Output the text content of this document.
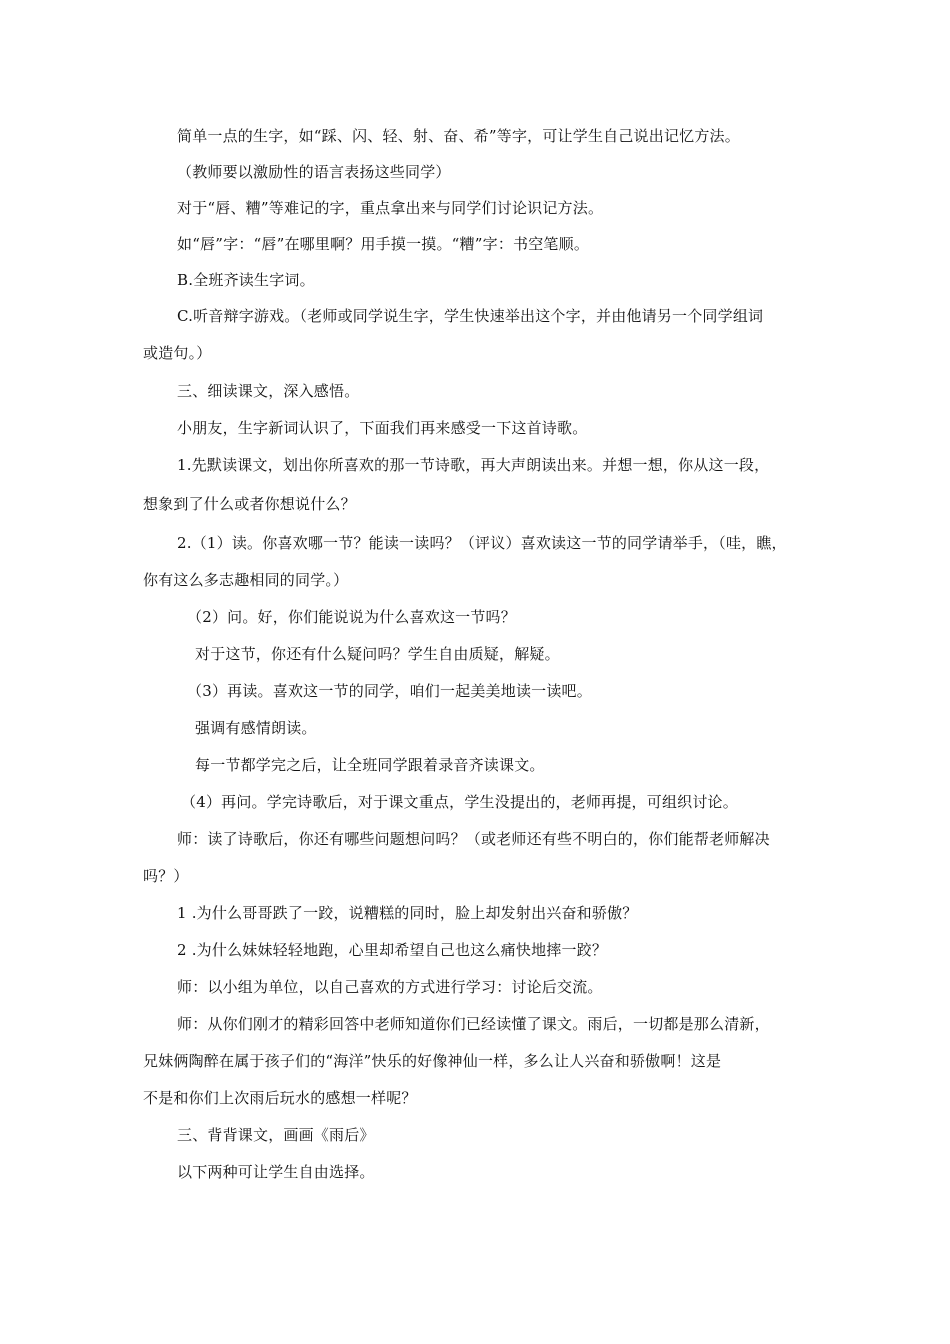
简单一点的生字，如“踩、闪、轻、射、奋、希”等字，可让学生自己说出记忆方法。
（教师要以激励性的语言表扬这些同学）
对于“唇、糟”等难记的字，重点拿出来与同学们讨论识记方法。
如“唇”字：“唇”在哪里啊？用手摸一摸。“糟”字：书空笔顺。
B.全班齐读生字词。
C.听音辩字游戏。（老师或同学说生字，学生快速举出这个字，并由他请另一个同学组词
或造句。）
三、细读课文，深入感悟。
小朋友，生字新词认识了，下面我们再来感受一下这首诗歌。
1.先默读课文，划出你所喜欢的那一节诗歌，再大声朗读出来。并想一想，你从这一段，
想象到了什么或者你想说什么？
2.（1）读。你喜欢哪一节？能读一读吗？（评议）喜欢读这一节的同学请举手，（哇，瞧，
你有这么多志趣相同的同学。）
（2）问。好，你们能说说为什么喜欢这一节吗？
对于这节，你还有什么疑问吗？学生自由质疑，解疑。
（3）再读。喜欢这一节的同学，咱们一起美美地读一读吧。
强调有感情朗读。
每一节都学完之后，让全班同学跟着录音齐读课文。
（4）再问。学完诗歌后，对于课文重点，学生没提出的，老师再提，可组织讨论。
师：读了诗歌后，你还有哪些问题想问吗？（或老师还有些不明白的，你们能帮老师解决
吗？）
1 .为什么哥哥跌了一跤，说糟糕的同时，脸上却发射出兴奋和骄傲？
2 .为什么妹妹轻轻地跑，心里却希望自己也这么痛快地摔一跤？
师：以小组为单位，以自己喜欢的方式进行学习：讨论后交流。
师：从你们刚才的精彩回答中老师知道你们已经读懂了课文。雨后，一切都是那么清新，
兄妹俩陶醉在属于孩子们的“海洋”快乐的好像神仙一样，多么让人兴奋和骄傲啊！这是
不是和你们上次雨后玩水的感想一样呢？
三、背背课文，画画《雨后》
以下两种可让学生自由选择。
